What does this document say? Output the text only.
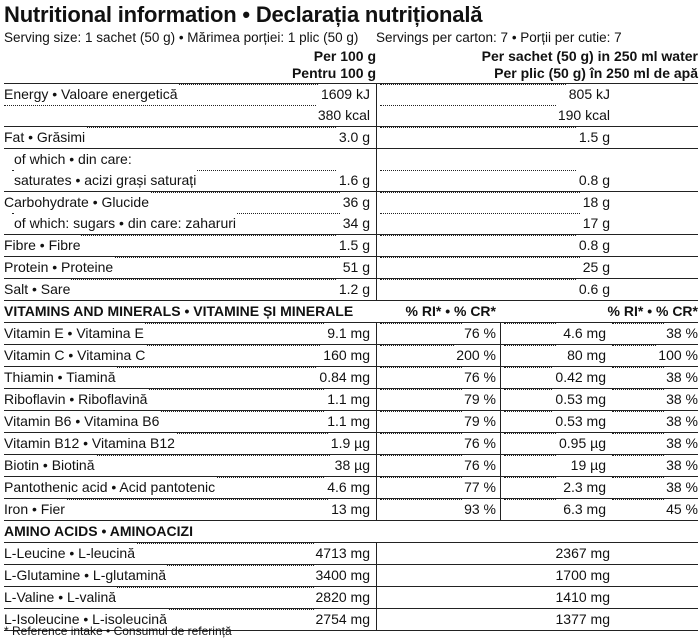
Nutritional information • Declarația nutrițională
Serving size: 1 sachet (50 g) • Mărimea porției: 1 plic (50 g) Servings per carton: 7 • Porții per cutie: 7
Per 100 g
Pentru 100 g
Per sachet (50 g) in 250 ml water
Per plic (50 g) în 250 ml de apă
Energy • Valoare energetică	1609 kJ	805 kJ
380 kcal	190 kcal
Fat • Grăsimi	3.0 g	1.5 g
of which • din care:
saturates • acizi grași saturați	1.6 g	0.8 g
Carbohydrate • Glucide	36 g	18 g
of which: sugars • din care: zaharuri	34 g	17 g
Fibre • Fibre	1.5 g	0.8 g
Protein • Proteine	51 g	25 g
Salt • Sare	1.2 g	0.6 g
VITAMINS AND MINERALS • VITAMINE ȘI MINERALE	% RI* • % CR*	% RI* • % CR*
Vitamin E • Vitamina E	9.1 mg	76 %	4.6 mg	38 %
Vitamin C • Vitamina C	160 mg	200 %	80 mg	100 %
Thiamin • Tiamină	0.84 mg	76 %	0.42 mg	38 %
Riboflavin • Riboflavină	1.1 mg	79 %	0.53 mg	38 %
Vitamin B6 • Vitamina B6	1.1 mg	79 %	0.53 mg	38 %
Vitamin B12 • Vitamina B12	1.9 µg	76 %	0.95 µg	38 %
Biotin • Biotină	38 µg	76 %	19 µg	38 %
Pantothenic acid • Acid pantotenic	4.6 mg	77 %	2.3 mg	38 %
Iron • Fier	13 mg	93 %	6.3 mg	45 %
AMINO ACIDS • AMINOACIZI
L-Leucine • L-leucină	4713 mg	2367 mg
L-Glutamine • L-glutamină	3400 mg	1700 mg
L-Valine • L-valină	2820 mg	1410 mg
L-Isoleucine • L-isoleucină	2754 mg	1377 mg
* Reference intake • Consumul de referință
